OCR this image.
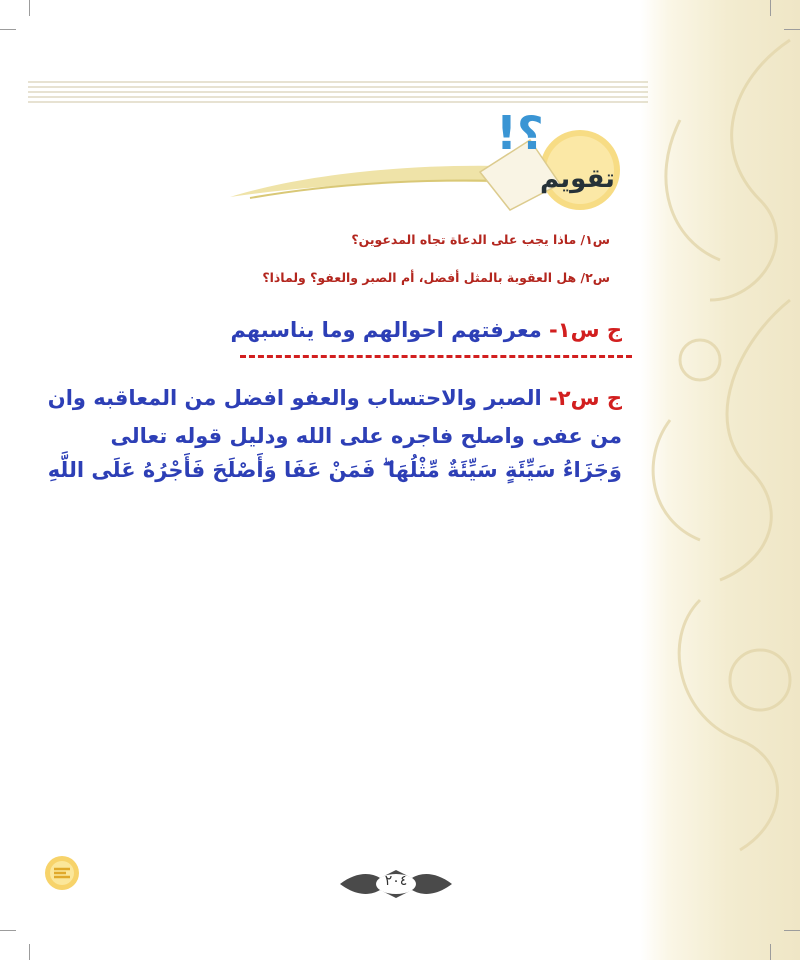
؟!
تقويم
س١/ ماذا يجب على الدعاة تجاه المدعوين؟
س٢/ هل العقوبة بالمثل أفضل، أم الصبر والعفو؟ ولماذا؟
ج س١- معرفتهم احوالهم وما يناسبهم
ج س٢- الصبر والاحتساب والعفو افضل من المعاقبه وان
من عفى واصلح فاجره على الله ودليل قوله تعالى
وَجَزَاءُ سَيِّئَةٍ سَيِّئَةٌ مِّثْلُهَا ۖ فَمَنْ عَفَا وَأَصْلَحَ فَأَجْرُهُ عَلَى اللَّهِ
٢٠٤
